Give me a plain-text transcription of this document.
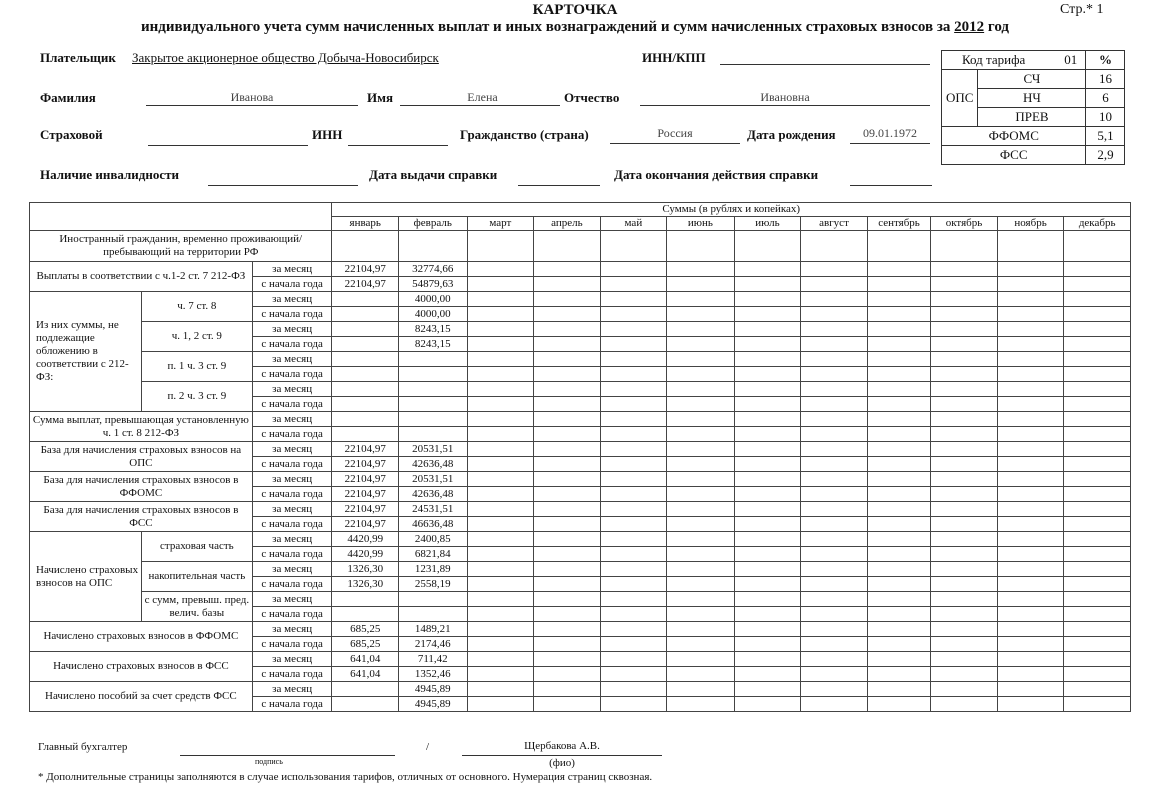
КАРТОЧКА
индивидуального учета сумм начисленных выплат и иных вознаграждений и сумм начисленных страховых взносов за 2012 год
Стр.* 1
Плательщик Закрытое акционерное общество Добыча-Новосибирск	ИНН/КПП
Фамилия	Иванова	Имя	Елена	Отчество	Ивановна
Страховой	ИНН	Гражданство (страна)	Россия	Дата рождения	09.01.1972
Наличие инвалидности	Дата выдачи справки	Дата окончания действия справки
Код тарифа		01	%
ОПС	СЧ		16
	НЧ		6
	ПРЕВ		10
ФФОМС			5,1
ФСС			2,9
			Суммы (в рублях и копейках)											
			январь	февраль	март	апрель	май	июнь	июль	август	сентябрь	октябрь	ноябрь	декабрь
Иностранный гражданин, временно проживающий/ пребывающий на территории РФ														
Выплаты в соответствии с ч.1-2 ст. 7 212-ФЗ		за месяц	22104,97	32774,66										
		с начала года	22104,97	54879,63										
Из них суммы, не подлежащие обложению в соответствии с 212-ФЗ:	ч. 7 ст. 8	за месяц		4000,00										
		с начала года		4000,00										
	ч. 1, 2 ст. 9	за месяц		8243,15										
		с начала года		8243,15										
	п. 1 ч. 3 ст. 9	за месяц												
		с начала года												
	п. 2 ч. 3 ст. 9	за месяц												
		с начала года												
Сумма выплат, превышающая установленную ч. 1 ст. 8 212-ФЗ		за месяц												
		с начала года												
База для начисления страховых взносов на ОПС		за месяц	22104,97	20531,51										
		с начала года	22104,97	42636,48										
База для начисления страховых взносов в ФФОМС		за месяц	22104,97	20531,51										
		с начала года	22104,97	42636,48										
База для начисления страховых взносов в ФСС		за месяц	22104,97	24531,51										
		с начала года	22104,97	46636,48										
Начислено страховых взносов на ОПС	страховая часть	за месяц	4420,99	2400,85										
		с начала года	4420,99	6821,84										
	накопительная часть	за месяц	1326,30	1231,89										
		с начала года	1326,30	2558,19										
	с сумм, превыш. пред. велич. базы	за месяц												
		с начала года												
Начислено страховых взносов в ФФОМС		за месяц	685,25	1489,21										
		с начала года	685,25	2174,46										
Начислено страховых взносов в ФСС		за месяц	641,04	711,42										
		с начала года	641,04	1352,46										
Начислено пособий за счет средств ФСС		за месяц		4945,89										
		с начала года		4945,89										
Главный бухгалтер
подпись
/	Щербакова А.В.
(фио)
* Дополнительные страницы заполняются в случае использования тарифов, отличных от основного. Нумерация страниц сквозная.
